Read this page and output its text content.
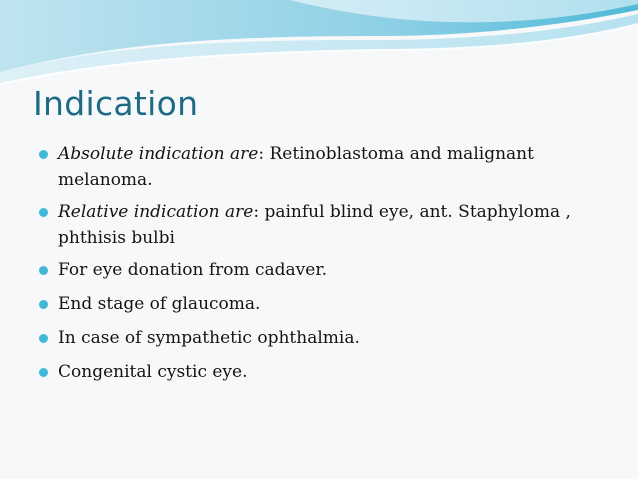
Indication
Absolute indication are: Retinoblastoma and malignant melanoma.
Relative indication are: painful blind eye, ant. Staphyloma , phthisis bulbi
For eye donation from cadaver.
End stage of glaucoma.
In case of sympathetic ophthalmia.
Congenital cystic eye.
